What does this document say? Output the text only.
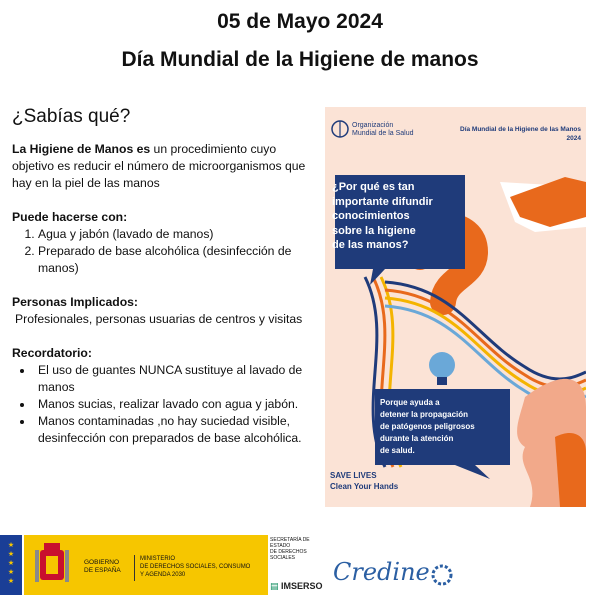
05 de Mayo 2024
Día Mundial de la Higiene de manos
¿Sabías qué?

La Higiene de Manos es un procedimiento cuyo objetivo es reducir el número de microorganismos que hay en la piel de las manos

Puede hacerse con:

1. Agua y jabón (lavado de manos)
2. Preparado de base alcohólica (desinfección de manos)

Personas Implicados:

Profesionales, personas usuarias de centros y visitas

Recordatorio:

• El uso de guantes NUNCA sustituye al lavado de manos
• Manos sucias, realizar lavado con agua y jabón.
• Manos contaminadas ,no hay suciedad visible, desinfección con preparados de base alcohólica.
Organización
Mundial de la Salud
Día Mundial de la Higiene de las Manos
2024
¿Por qué es tan
importante difundir
conocimientos
sobre la higiene
de las manos?
Porque ayuda a
detener la propagación
de patógenos peligrosos
durante la atención
de salud.
SAVE LIVES
Clean Your Hands
★
★
★
★
★
GOBIERNO
DE ESPAÑA
MINISTERIO
DE DERECHOS SOCIALES, CONSUMO
Y AGENDA 2030
SECRETARÍA DE ESTADO
DE DERECHOS SOCIALES
▤ IMSERSO Credine
